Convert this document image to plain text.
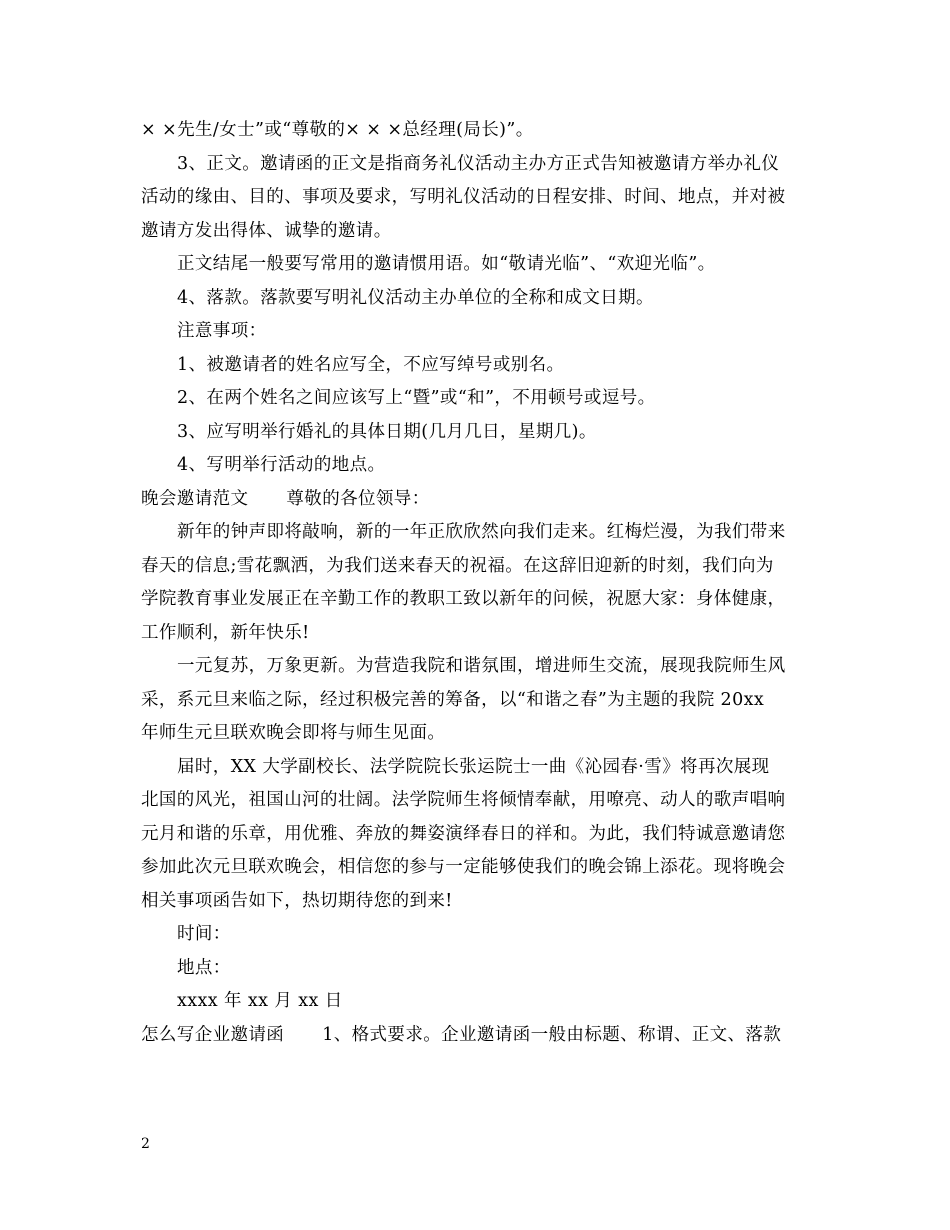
× ×先生/女士”或“尊敬的× × ×总经理(局长)”。
3、正文。邀请函的正文是指商务礼仪活动主办方正式告知被邀请方举办礼仪
活动的缘由、目的、事项及要求，写明礼仪活动的日程安排、时间、地点，并对被
邀请方发出得体、诚挚的邀请。
正文结尾一般要写常用的邀请惯用语。如“敬请光临”、“欢迎光临”。
4、落款。落款要写明礼仪活动主办单位的全称和成文日期。
注意事项：
1、被邀请者的姓名应写全，不应写绰号或别名。
2、在两个姓名之间应该写上“暨”或“和”，不用顿号或逗号。
3、应写明举行婚礼的具体日期(几月几日，星期几)。
4、写明举行活动的地点。
晚会邀请范文 尊敬的各位领导：
新年的钟声即将敲响，新的一年正欣欣然向我们走来。红梅烂漫，为我们带来
春天的信息;雪花飘洒，为我们送来春天的祝福。在这辞旧迎新的时刻，我们向为
学院教育事业发展正在辛勤工作的教职工致以新年的问候，祝愿大家：身体健康，
工作顺利，新年快乐!
一元复苏，万象更新。为营造我院和谐氛围，增进师生交流，展现我院师生风
采，系元旦来临之际，经过积极完善的筹备，以“和谐之春”为主题的我院 20xx
年师生元旦联欢晚会即将与师生见面。
届时，XX 大学副校长、法学院院长张运院士一曲《沁园春·雪》将再次展现
北国的风光，祖国山河的壮阔。法学院师生将倾情奉献，用嘹亮、动人的歌声唱响
元月和谐的乐章，用优雅、奔放的舞姿演绎春日的祥和。为此，我们特诚意邀请您
参加此次元旦联欢晚会，相信您的参与一定能够使我们的晚会锦上添花。现将晚会
相关事项函告如下，热切期待您的到来!
时间：
地点：
xxxx 年 xx 月 xx 日
怎么写企业邀请函 1、格式要求。企业邀请函一般由标题、称谓、正文、落款
2
